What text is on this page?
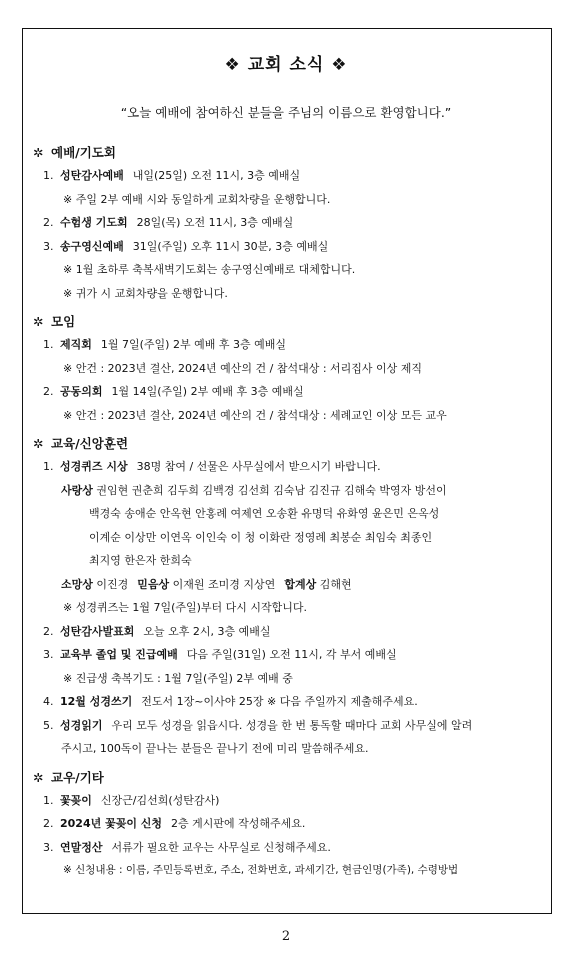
❖ 교회 소식 ❖
“오늘 예배에 참여하신 분들을 주님의 이름으로 환영합니다.”
✲ 예배/기도회
1. 성탄감사예배 내일(25일) 오전 11시, 3층 예배실
※ 주일 2부 예배 시와 동일하게 교회차량을 운행합니다.
2. 수험생 기도회 28일(목) 오전 11시, 3층 예배실
3. 송구영신예배 31일(주일) 오후 11시 30분, 3층 예배실
※ 1월 초하루 축복새벽기도회는 송구영신예배로 대체합니다.
※ 귀가 시 교회차량을 운행합니다.
✲ 모임
1. 제직회 1월 7일(주일) 2부 예배 후 3층 예배실
※ 안건 : 2023년 결산, 2024년 예산의 건 / 참석대상 : 서리집사 이상 제직
2. 공동의회 1월 14일(주일) 2부 예배 후 3층 예배실
※ 안건 : 2023년 결산, 2024년 예산의 건 / 참석대상 : 세례교인 이상 모든 교우
✲ 교육/신앙훈련
1. 성경퀴즈 시상 38명 참여 / 선물은 사무실에서 받으시기 바랍니다.
사랑상 권임현 권춘희 김두희 김백경 김선희 김숙남 김진규 김해숙 박영자 방선이
백경숙 송애순 안옥현 안홍례 여제연 오송환 유명덕 유화영 윤은민 은옥성
이계순 이상만 이연옥 이인숙 이 청 이화란 정영례 최봉순 최임숙 최종인
최지영 한은자 한희숙
소망상 이진경 믿음상 이재원 조미경 지상연 합계상 김해현
※ 성경퀴즈는 1월 7일(주일)부터 다시 시작합니다.
2. 성탄감사발표회 오늘 오후 2시, 3층 예배실
3. 교육부 졸업 및 진급예배 다음 주일(31일) 오전 11시, 각 부서 예배실
※ 진급생 축복기도 : 1월 7일(주일) 2부 예배 중
4. 12월 성경쓰기 전도서 1장~이사야 25장 ※ 다음 주일까지 제출해주세요.
5. 성경읽기 우리 모두 성경을 읽읍시다. 성경을 한 번 통독할 때마다 교회 사무실에 알려
주시고, 100독이 끝나는 분들은 끝나기 전에 미리 말씀해주세요.
✲ 교우/기타
1. 꽃꽂이 신장근/김선희(성탄감사)
2. 2024년 꽃꽂이 신청 2층 게시판에 작성해주세요.
3. 연말정산 서류가 필요한 교우는 사무실로 신청해주세요.
※ 신청내용 : 이름, 주민등록번호, 주소, 전화번호, 과세기간, 현금인명(가족), 수령방법
2
